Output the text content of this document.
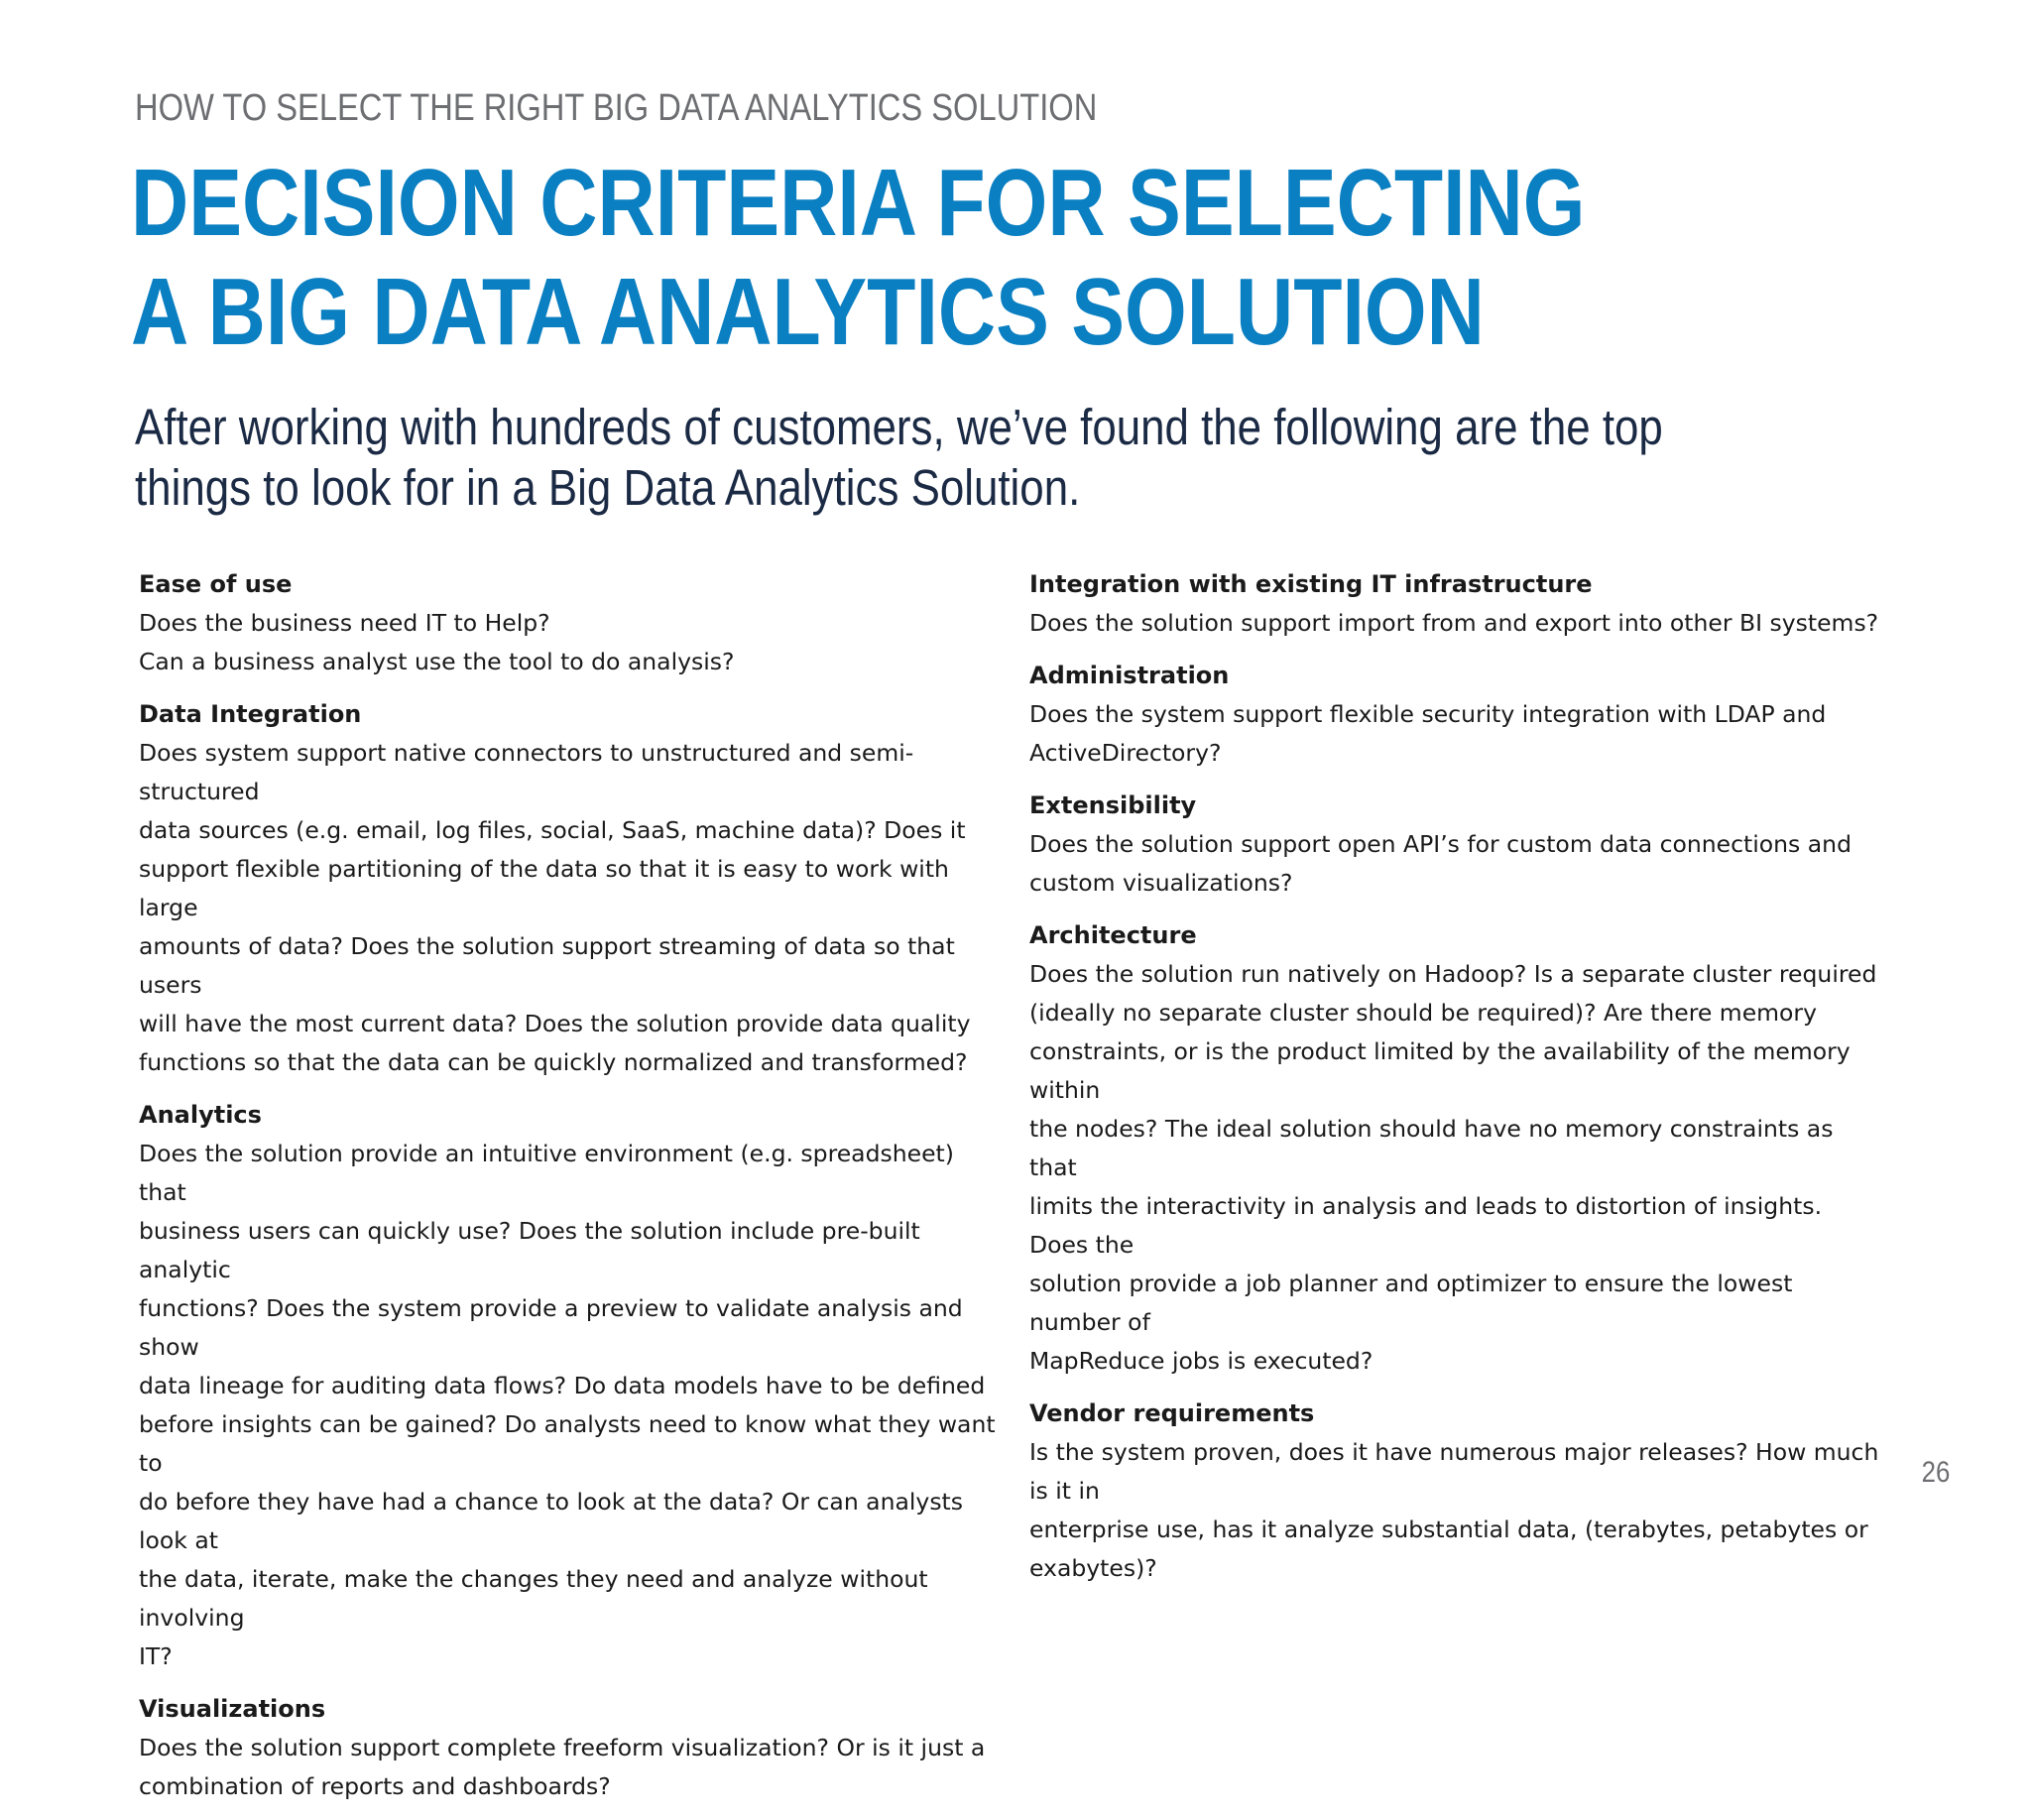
HOW TO SELECT THE RIGHT BIG DATA ANALYTICS SOLUTION
DECISION CRITERIA FOR SELECTING
A BIG DATA ANALYTICS SOLUTION
After working with hundreds of customers, we’ve found the following are the top
things to look for in a Big Data Analytics Solution.
Ease of use

Does the business need IT to Help?

Can a business analyst use the tool to do analysis?

Data Integration

Does system support native connectors to unstructured and semi-structured

data sources (e.g. email, log files, social, SaaS, machine data)? Does it

support flexible partitioning of the data so that it is easy to work with large

amounts of data? Does the solution support streaming of data so that users

will have the most current data? Does the solution provide data quality

functions so that the data can be quickly normalized and transformed?

Analytics

Does the solution provide an intuitive environment (e.g. spreadsheet) that

business users can quickly use? Does the solution include pre-built analytic

functions? Does the system provide a preview to validate analysis and show

data lineage for auditing data flows? Do data models have to be defined

before insights can be gained? Do analysts need to know what they want to

do before they have had a chance to look at the data? Or can analysts look at

the data, iterate, make the changes they need and analyze without involving

IT?

Visualizations

Does the solution support complete freeform visualization? Or is it just a

combination of reports and dashboards?

Integration with existing IT infrastructure

Does the solution support import from and export into other BI systems?

Administration

Does the system support flexible security integration with LDAP and

ActiveDirectory?

Extensibility

Does the solution support open API’s for custom data connections and

custom visualizations?

Architecture

Does the solution run natively on Hadoop? Is a separate cluster required

(ideally no separate cluster should be required)? Are there memory

constraints, or is the product limited by the availability of the memory within

the nodes? The ideal solution should have no memory constraints as that

limits the interactivity in analysis and leads to distortion of insights. Does the

solution provide a job planner and optimizer to ensure the lowest number of

MapReduce jobs is executed?

Vendor requirements

Is the system proven, does it have numerous major releases? How much is it in

enterprise use, has it analyze substantial data, (terabytes, petabytes or

exabytes)?

26
